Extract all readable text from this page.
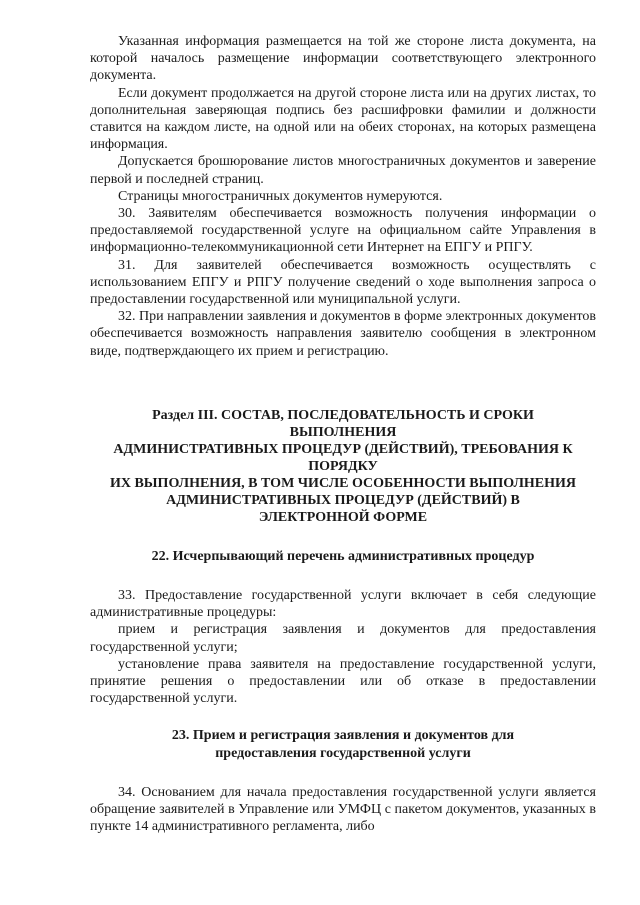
Указанная информация размещается на той же стороне листа документа, на которой началось размещение информации соответствующего электронного документа.

Если документ продолжается на другой стороне листа или на других листах, то дополнительная заверяющая подпись без расшифровки фамилии и должности ставится на каждом листе, на одной или на обеих сторонах, на которых размещена информация.

Допускается брошюрование листов многостраничных документов и заверение первой и последней страниц.

Страницы многостраничных документов нумеруются.

30. Заявителям обеспечивается возможность получения информации о предоставляемой государственной услуге на официальном сайте Управления в информационно-телекоммуникационной сети Интернет на ЕПГУ и РПГУ.

31. Для заявителей обеспечивается возможность осуществлять с использованием ЕПГУ и РПГУ получение сведений о ходе выполнения запроса о предоставлении государственной или муниципальной услуги.

32. При направлении заявления и документов в форме электронных документов обеспечивается возможность направления заявителю сообщения в электронном виде, подтверждающего их прием и регистрацию.

Раздел III. СОСТАВ, ПОСЛЕДОВАТЕЛЬНОСТЬ И СРОКИ
ВЫПОЛНЕНИЯ
АДМИНИСТРАТИВНЫХ ПРОЦЕДУР (ДЕЙСТВИЙ), ТРЕБОВАНИЯ К
ПОРЯДКУ
ИХ ВЫПОЛНЕНИЯ, В ТОМ ЧИСЛЕ ОСОБЕННОСТИ ВЫПОЛНЕНИЯ
АДМИНИСТРАТИВНЫХ ПРОЦЕДУР (ДЕЙСТВИЙ) В
ЭЛЕКТРОННОЙ ФОРМЕ
22. Исчерпывающий перечень административных процедур

33. Предоставление государственной услуги включает в себя следующие административные процедуры:

прием и регистрация заявления и документов для предоставления государственной услуги;

установление права заявителя на предоставление государственной услуги, принятие решения о предоставлении или об отказе в предоставлении государственной услуги.

23. Прием и регистрация заявления и документов для
предоставления государственной услуги

34. Основанием для начала предоставления государственной услуги является обращение заявителей в Управление или УМФЦ с пакетом документов, указанных в пункте 14 административного регламента, либо
